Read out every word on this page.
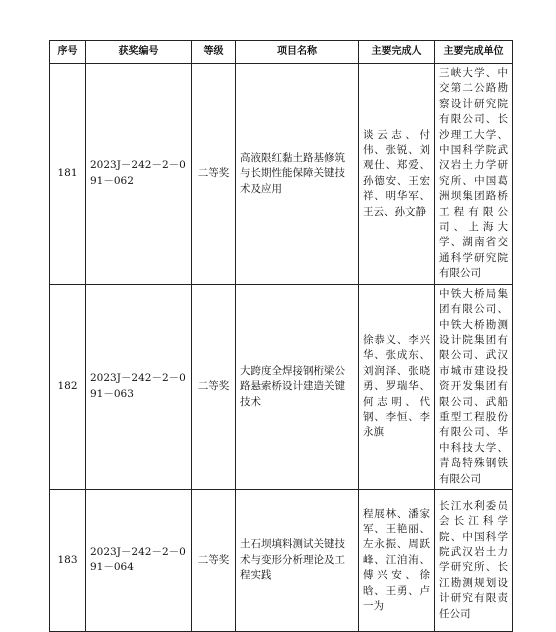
序号	获奖编号	等级	项目名称	主要完成人	主要完成单位
181	2023J－242－2－091－062	二等奖	高液限红黏土路基修筑与长期性能保障关键技术及应用	谈云志、付伟、张锐、刘观仕、郑爱、孙德安、王宏祥、明华军、王云、孙文静	三峡大学、中交第二公路勘察设计研究院有限公司、长沙理工大学、中国科学院武汉岩土力学研究所、中国葛洲坝集团路桥工程有限公司、上海大学、湖南省交通科学研究院有限公司
182	2023J－242－2－091－063	二等奖	大跨度全焊接钢桁梁公路悬索桥设计建造关键技术	徐恭义、李兴华、张成东、刘润泽、张晓勇、罗瑞华、何志明、代钢、李恒、李永旗	中铁大桥局集团有限公司、中铁大桥勘测设计院集团有限公司、武汉市城市建设投资开发集团有限公司、武船重型工程股份有限公司、华中科技大学、青岛特殊钢铁有限公司
183	2023J－242－2－091－064	二等奖	土石坝填料测试关键技术与变形分析理论及工程实践	程展林、潘家军、王艳丽、左永振、周跃峰、江洎洧、傅兴安、徐晗、王勇、卢一为	长江水利委员会长江科学院、中国科学院武汉岩土力学研究所、长江勘测规划设计研究有限责任公司
